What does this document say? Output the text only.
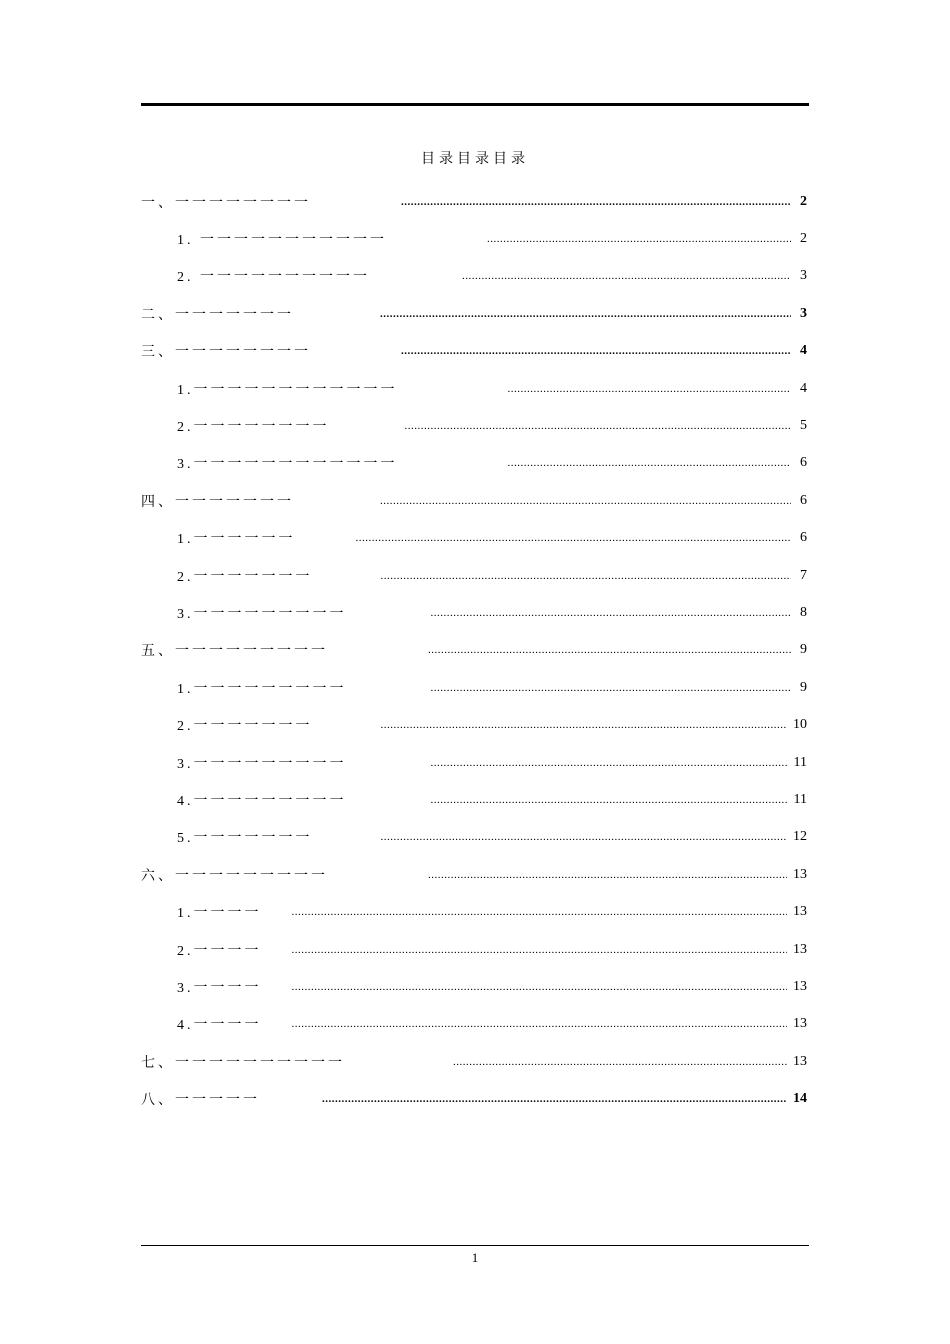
目录目录目录
一、一一一一一一一一 .....	2
1. 一一一一一一一一一一一 .....	2
2. 一一一一一一一一一一 .....	3
二、一一一一一一一 .....	3
三、一一一一一一一一 .....	4
1.一一一一一一一一一一一一 .....	4
2.一一一一一一一一 .....	5
3.一一一一一一一一一一一一 .....	6
四、一一一一一一一 .....	6
1.一一一一一一 .....	6
2.一一一一一一一 .....	7
3.一一一一一一一一一 .....	8
五、一一一一一一一一一 .....	9
1.一一一一一一一一一 .....	9
2.一一一一一一一 .....	10
3.一一一一一一一一一 .....	11
4.一一一一一一一一一 .....	11
5.一一一一一一一 .....	12
六、一一一一一一一一一 .....	13
1.一一一一 .....	13
2.一一一一 .....	13
3.一一一一 .....	13
4.一一一一 .....	13
七、一一一一一一一一一一 .....	13
八、一一一一一 .....	14
1
